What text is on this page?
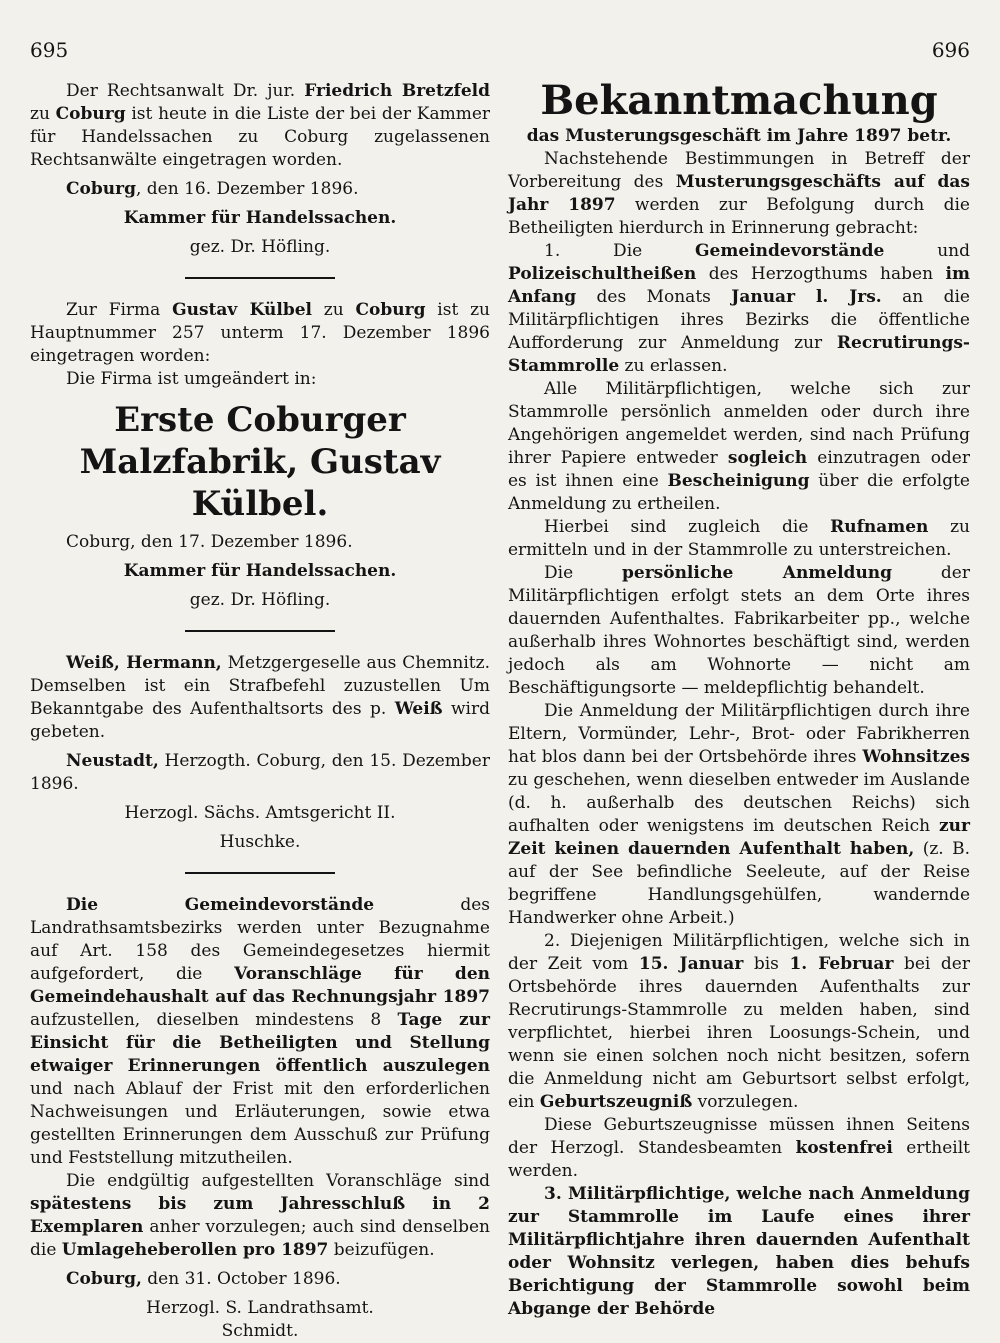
695	696

Der Rechtsanwalt Dr. jur. Friedrich Bretzfeld zu Coburg ist heute in die Liste der bei der Kammer für Handelssachen zu Coburg zugelassenen Rechtsanwälte eingetragen worden.

Coburg, den 16. Dezember 1896.

Kammer für Handelssachen.

gez. Dr. Höfling.

Zur Firma Gustav Külbel zu Coburg ist zu Hauptnummer 257 unterm 17. Dezember 1896 eingetragen worden:

Die Firma ist umgeändert in:

Erste Coburger Malzfabrik, Gustav Külbel.

Coburg, den 17. Dezember 1896.

Kammer für Handelssachen.

gez. Dr. Höfling.

Weiß, Hermann, Metzgergeselle aus Chemnitz. Demselben ist ein Strafbefehl zuzustellen Um Bekanntgabe des Aufenthaltsorts des p. Weiß wird gebeten.

Neustadt, Herzogth. Coburg, den 15. Dezember 1896.

Herzogl. Sächs. Amtsgericht II.

Huschke.

Die Gemeindevorstände des Landrathsamtsbezirks werden unter Bezugnahme auf Art. 158 des Gemeindegesetzes hiermit aufgefordert, die Voranschläge für den Gemeindehaushalt auf das Rechnungsjahr 1897 aufzustellen, dieselben mindestens 8 Tage zur Einsicht für die Betheiligten und Stellung etwaiger Erinnerungen öffentlich auszulegen und nach Ablauf der Frist mit den erforderlichen Nachweisungen und Erläuterungen, sowie etwa gestellten Erinnerungen dem Ausschuß zur Prüfung und Feststellung mitzutheilen.

Die endgültig aufgestellten Voranschläge sind spätestens bis zum Jahresschluß in 2 Exemplaren anher vorzulegen; auch sind denselben die Umlageheberollen pro 1897 beizufügen.

Coburg, den 31. October 1896.

Herzogl. S. Landrathsamt.

Schmidt.

Bekanntmachung
das Musterungsgeschäft im Jahre 1897 betr.

Nachstehende Bestimmungen in Betreff der Vorbereitung des Musterungsgeschäfts auf das Jahr 1897 werden zur Befolgung durch die Betheiligten hierdurch in Erinnerung gebracht:

1. Die Gemeindevorstände und Polizeischultheißen des Herzogthums haben im Anfang des Monats Januar l. Jrs. an die Militärpflichtigen ihres Bezirks die öffentliche Aufforderung zur Anmeldung zur Recrutirungs-Stammrolle zu erlassen.

Alle Militärpflichtigen, welche sich zur Stammrolle persönlich anmelden oder durch ihre Angehörigen angemeldet werden, sind nach Prüfung ihrer Papiere entweder sogleich einzutragen oder es ist ihnen eine Bescheinigung über die erfolgte Anmeldung zu ertheilen.

Hierbei sind zugleich die Rufnamen zu ermitteln und in der Stammrolle zu unterstreichen.

Die persönliche Anmeldung der Militärpflichtigen erfolgt stets an dem Orte ihres dauernden Aufenthaltes. Fabrikarbeiter pp., welche außerhalb ihres Wohnortes beschäftigt sind, werden jedoch als am Wohnorte — nicht am Beschäftigungsorte — meldepflichtig behandelt.

Die Anmeldung der Militärpflichtigen durch ihre Eltern, Vormünder, Lehr-, Brot- oder Fabrikherren hat blos dann bei der Ortsbehörde ihres Wohnsitzes zu geschehen, wenn dieselben entweder im Auslande (d. h. außerhalb des deutschen Reichs) sich aufhalten oder wenigstens im deutschen Reich zur Zeit keinen dauernden Aufenthalt haben, (z. B. auf der See befindliche Seeleute, auf der Reise begriffene Handlungsgehülfen, wandernde Handwerker ohne Arbeit.)

2. Diejenigen Militärpflichtigen, welche sich in der Zeit vom 15. Januar bis 1. Februar bei der Ortsbehörde ihres dauernden Aufenthalts zur Recrutirungs-Stammrolle zu melden haben, sind verpflichtet, hierbei ihren Loosungs-Schein, und wenn sie einen solchen noch nicht besitzen, sofern die Anmeldung nicht am Geburtsort selbst erfolgt, ein Geburtszeugniß vorzulegen.

Diese Geburtszeugnisse müssen ihnen Seitens der Herzogl. Standesbeamten kostenfrei ertheilt werden.

3. Militärpflichtige, welche nach Anmeldung zur Stammrolle im Laufe eines ihrer Militärpflichtjahre ihren dauernden Aufenthalt oder Wohnsitz verlegen, haben dies behufs Berichtigung der Stammrolle sowohl beim Abgange der Behörde
